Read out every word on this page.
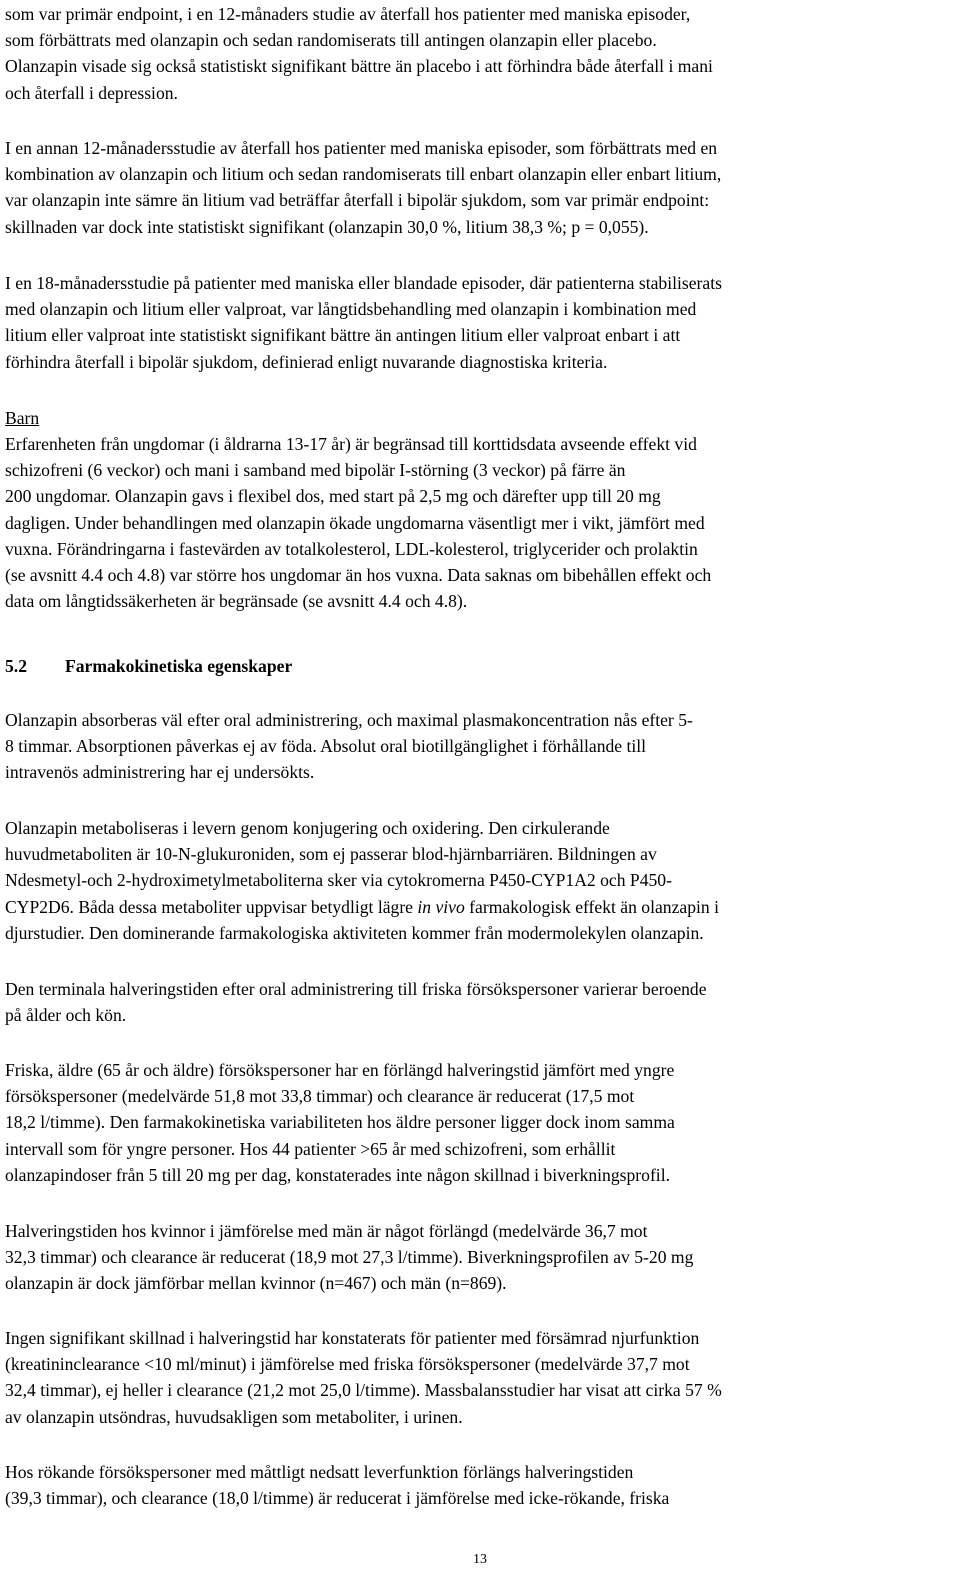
som var primär endpoint, i en 12-månaders studie av återfall hos patienter med maniska episoder,
som förbättrats med olanzapin och sedan randomiserats till antingen olanzapin eller placebo.
Olanzapin visade sig också statistiskt signifikant bättre än placebo i att förhindra både återfall i mani
och återfall i depression.
I en annan 12-månadersstudie av återfall hos patienter med maniska episoder, som förbättrats med en
kombination av olanzapin och litium och sedan randomiserats till enbart olanzapin eller enbart litium,
var olanzapin inte sämre än litium vad beträffar återfall i bipolär sjukdom, som var primär endpoint:
skillnaden var dock inte statistiskt signifikant (olanzapin 30,0 %, litium 38,3 %; p = 0,055).
I en 18-månadersstudie på patienter med maniska eller blandade episoder, där patienterna stabiliserats
med olanzapin och litium eller valproat, var långtidsbehandling med olanzapin i kombination med
litium eller valproat inte statistiskt signifikant bättre än antingen litium eller valproat enbart i att
förhindra återfall i bipolär sjukdom, definierad enligt nuvarande diagnostiska kriteria.
Barn
Erfarenheten från ungdomar (i åldrarna 13-17 år) är begränsad till korttidsdata avseende effekt vid
schizofreni (6 veckor) och mani i samband med bipolär I-störning (3 veckor) på färre än
200 ungdomar. Olanzapin gavs i flexibel dos, med start på 2,5 mg och därefter upp till 20 mg
dagligen. Under behandlingen med olanzapin ökade ungdomarna väsentligt mer i vikt, jämfört med
vuxna. Förändringarna i fastevärden av totalkolesterol, LDL-kolesterol, triglycerider och prolaktin
(se avsnitt 4.4 och 4.8) var större hos ungdomar än hos vuxna. Data saknas om bibehållen effekt och
data om långtidssäkerheten är begränsade (se avsnitt 4.4 och 4.8).
5.2 Farmakokinetiska egenskaper
Olanzapin absorberas väl efter oral administrering, och maximal plasmakoncentration nås efter 5-
8 timmar. Absorptionen påverkas ej av föda. Absolut oral biotillgänglighet i förhållande till
intravenös administrering har ej undersökts.
Olanzapin metaboliseras i levern genom konjugering och oxidering. Den cirkulerande
huvudmetaboliten är 10-N-glukuroniden, som ej passerar blod-hjärnbarriären. Bildningen av
Ndesmetyl-och 2-hydroximetylmetaboliterna sker via cytokromerna P450-CYP1A2 och P450-
CYP2D6. Båda dessa metaboliter uppvisar betydligt lägre in vivo farmakologisk effekt än olanzapin i
djurstudier. Den dominerande farmakologiska aktiviteten kommer från modermolekylen olanzapin.
Den terminala halveringstiden efter oral administrering till friska försökspersoner varierar beroende
på ålder och kön.
Friska, äldre (65 år och äldre) försökspersoner har en förlängd halveringstid jämfört med yngre
försökspersoner (medelvärde 51,8 mot 33,8 timmar) och clearance är reducerat (17,5 mot
18,2 l/timme). Den farmakokinetiska variabiliteten hos äldre personer ligger dock inom samma
intervall som för yngre personer. Hos 44 patienter >65 år med schizofreni, som erhållit
olanzapindoser från 5 till 20 mg per dag, konstaterades inte någon skillnad i biverkningsprofil.
Halveringstiden hos kvinnor i jämförelse med män är något förlängd (medelvärde 36,7 mot
32,3 timmar) och clearance är reducerat (18,9 mot 27,3 l/timme). Biverkningsprofilen av 5-20 mg
olanzapin är dock jämförbar mellan kvinnor (n=467) och män (n=869).
Ingen signifikant skillnad i halveringstid har konstaterats för patienter med försämrad njurfunktion
(kreatininclearance <10 ml/minut) i jämförelse med friska försökspersoner (medelvärde 37,7 mot
32,4 timmar), ej heller i clearance (21,2 mot 25,0 l/timme). Massbalansstudier har visat att cirka 57 %
av olanzapin utsöndras, huvudsakligen som metaboliter, i urinen.
Hos rökande försökspersoner med måttligt nedsatt leverfunktion förlängs halveringstiden
(39,3 timmar), och clearance (18,0 l/timme) är reducerat i jämförelse med icke-rökande, friska
13
